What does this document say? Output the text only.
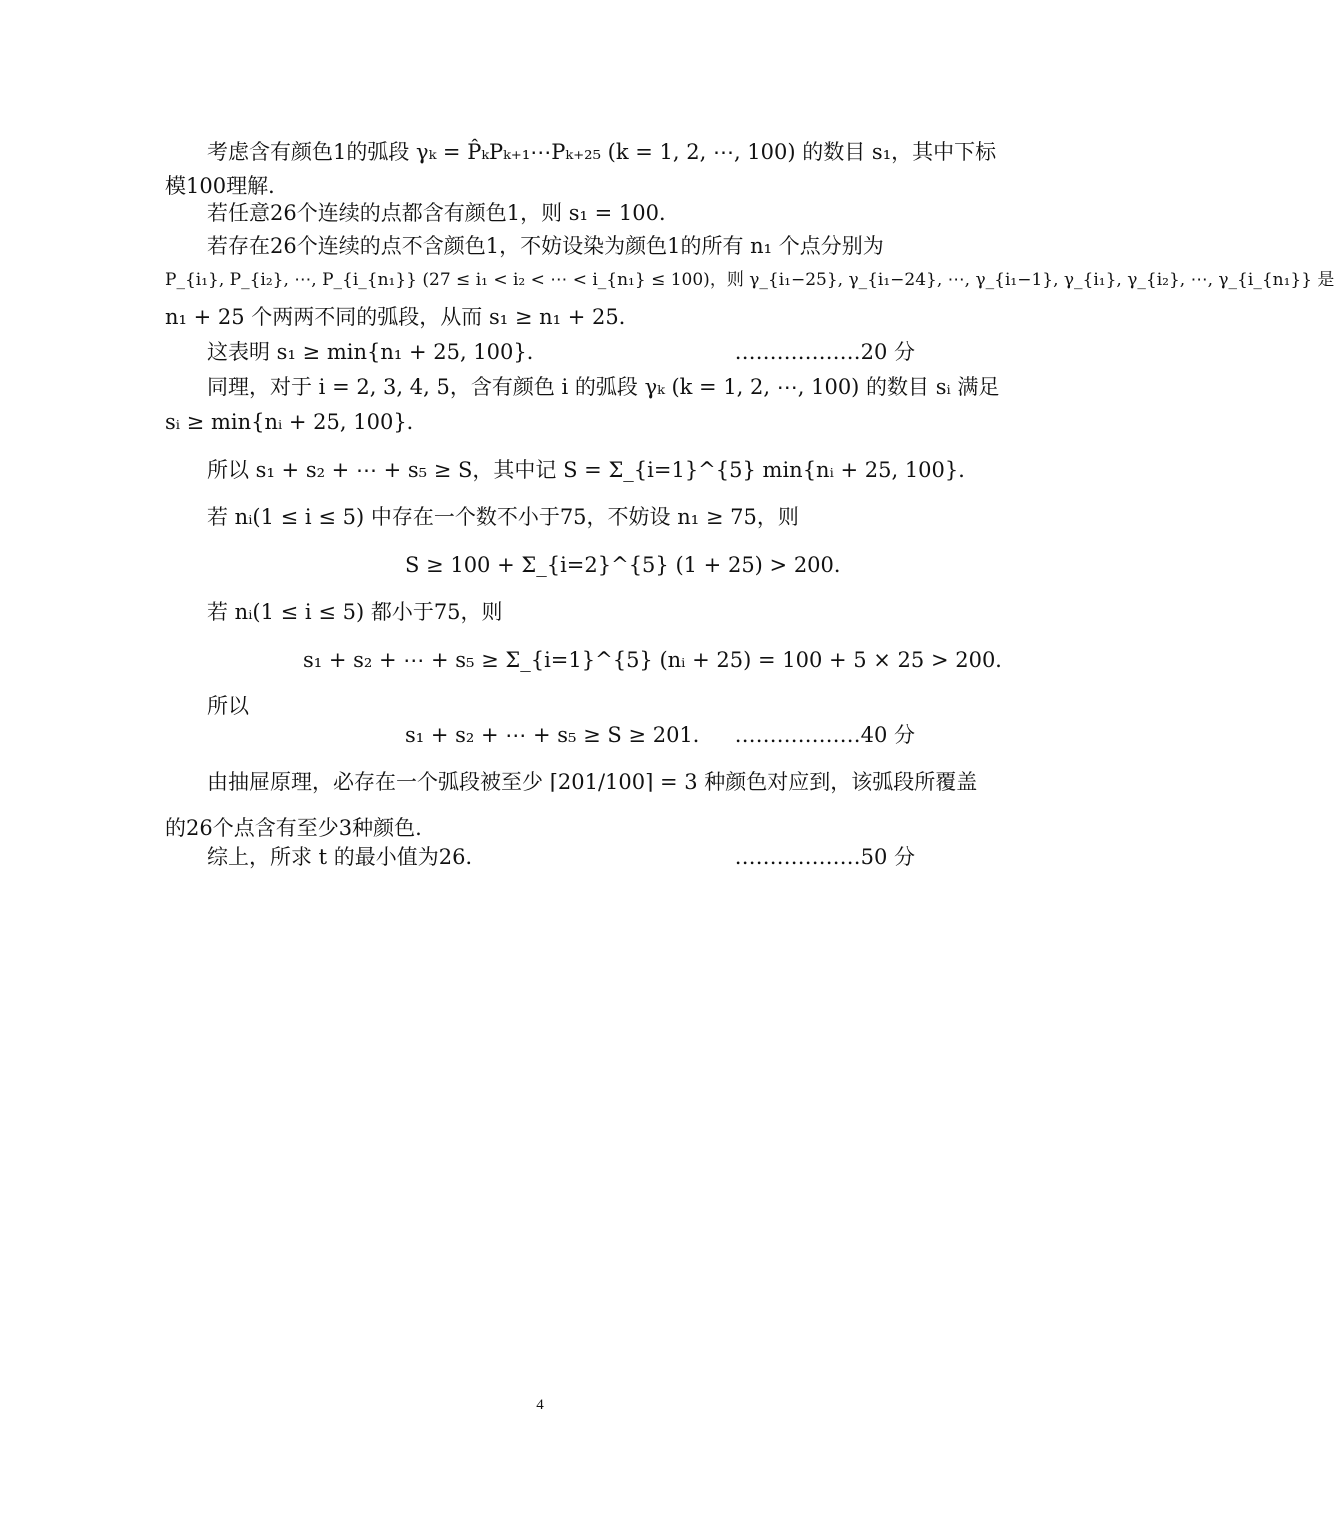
考虑含有颜色1的弧段 γₖ = P̂ₖPₖ₊₁⋯Pₖ₊₂₅ (k = 1, 2, ⋯, 100) 的数目 s₁，其中下标
模100理解．
若任意26个连续的点都含有颜色1，则 s₁ = 100．
若存在26个连续的点不含颜色1，不妨设染为颜色1的所有 n₁ 个点分别为
P_{i₁}, P_{i₂}, ⋯, P_{i_{n₁}} (27 ≤ i₁ < i₂ < ⋯ < i_{n₁} ≤ 100)，则 γ_{i₁−25}, γ_{i₁−24}, ⋯, γ_{i₁−1}, γ_{i₁}, γ_{i₂}, ⋯, γ_{i_{n₁}} 是
n₁ + 25 个两两不同的弧段，从而 s₁ ≥ n₁ + 25．
这表明 s₁ ≥ min{n₁ + 25, 100}．	………………20 分
同理，对于 i = 2, 3, 4, 5，含有颜色 i 的弧段 γₖ (k = 1, 2, ⋯, 100) 的数目 sᵢ 满足
sᵢ ≥ min{nᵢ + 25, 100}．
所以 s₁ + s₂ + ⋯ + s₅ ≥ S，其中记 S = Σ_{i=1}^{5} min{nᵢ + 25, 100}．
若 nᵢ(1 ≤ i ≤ 5) 中存在一个数不小于75，不妨设 n₁ ≥ 75，则
S ≥ 100 + Σ_{i=2}^{5} (1 + 25) > 200．
若 nᵢ(1 ≤ i ≤ 5) 都小于75，则
s₁ + s₂ + ⋯ + s₅ ≥ Σ_{i=1}^{5} (nᵢ + 25) = 100 + 5 × 25 > 200．
所以
s₁ + s₂ + ⋯ + s₅ ≥ S ≥ 201． ………………40 分
由抽屉原理，必存在一个弧段被至少 ⌈201/100⌉ = 3 种颜色对应到，该弧段所覆盖
的26个点含有至少3种颜色.
综上，所求 t 的最小值为26．	………………50 分
4
